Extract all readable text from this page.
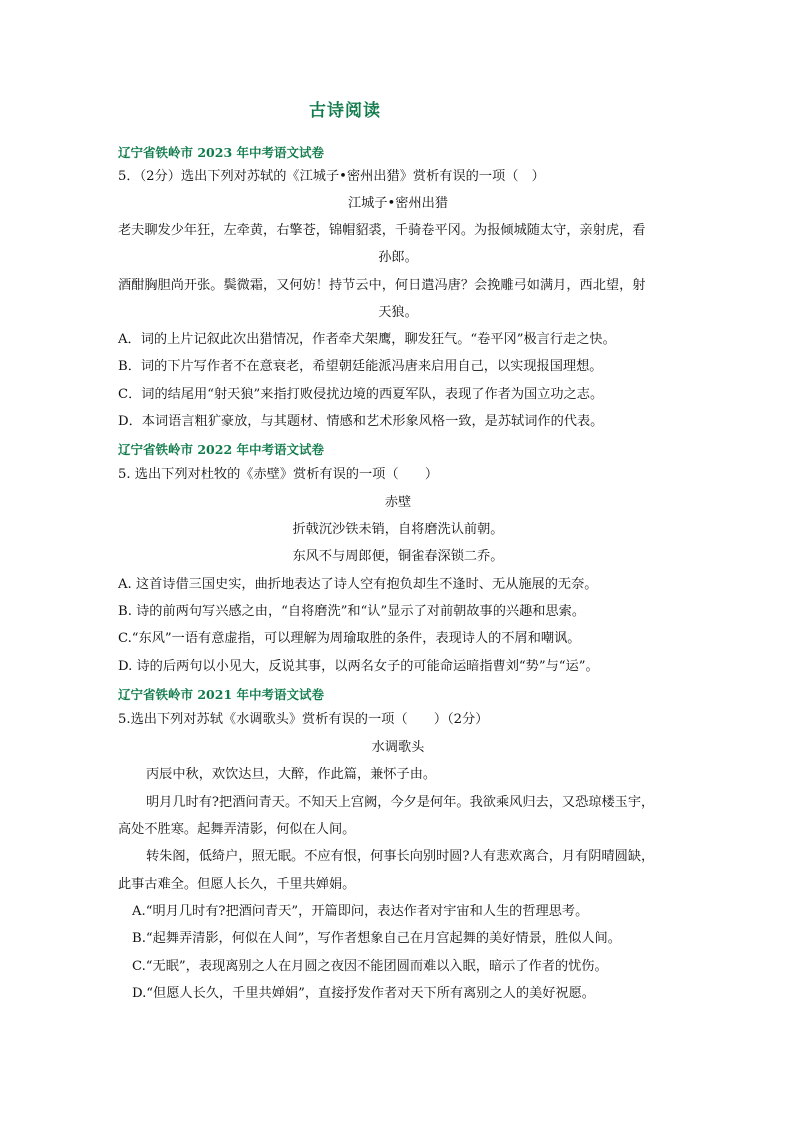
古诗阅读
辽宁省铁岭市 2023 年中考语文试卷
5．（2分）选出下列对苏轼的《江城子•密州出猎》赏析有误的一项（　）
江城子•密州出猎
老夫聊发少年狂，左牵黄，右擎苍，锦帽貂裘，千骑卷平冈。为报倾城随太守，亲射虎，看
孙郎。
酒酣胸胆尚开张。鬓微霜，又何妨！持节云中，何日遣冯唐？会挽雕弓如满月，西北望，射
天狼。
A．词的上片记叙此次出猎情况，作者牵犬架鹰，聊发狂气。“卷平冈”极言行走之快。
B．词的下片写作者不在意衰老，希望朝廷能派冯唐来启用自己，以实现报国理想。
C．词的结尾用“射天狼”来指打败侵扰边境的西夏军队，表现了作者为国立功之志。
D．本词语言粗犷豪放，与其题材、情感和艺术形象风格一致，是苏轼词作的代表。
辽宁省铁岭市 2022 年中考语文试卷
5. 选出下列对杜牧的《赤壁》赏析有误的一项（　　）
赤壁
折戟沉沙铁未销，自将磨洗认前朝。
东风不与周郎便，铜雀春深锁二乔。
A. 这首诗借三国史实，曲折地表达了诗人空有抱负却生不逢时、无从施展的无奈。
B. 诗的前两句写兴感之由，“自将磨洗”和“认”显示了对前朝故事的兴趣和思索。
C.“东风”一语有意虚指，可以理解为周瑜取胜的条件，表现诗人的不屑和嘲讽。
D. 诗的后两句以小见大，反说其事，以两名女子的可能命运暗指曹刘“势”与“运”。
辽宁省铁岭市 2021 年中考语文试卷
5.选出下列对苏轼《水调歌头》赏析有误的一项（　　）（2分）
水调歌头
丙辰中秋，欢饮达旦，大醉，作此篇，兼怀子由。
明月几时有?把酒问青天。不知天上宫阙，今夕是何年。我欲乘风归去，又恐琼楼玉宇，
高处不胜寒。起舞弄清影，何似在人间。
转朱阁，低绮户，照无眠。不应有恨，何事长向别时圆?人有悲欢离合，月有阴晴圆缺，
此事古难全。但愿人长久，千里共婵娟。
A.“明月几时有?把酒问青天”，开篇即问，表达作者对宇宙和人生的哲理思考。
B.“起舞弄清影，何似在人间”，写作者想象自己在月宫起舞的美好情景，胜似人间。
C.“无眠”，表现离别之人在月圆之夜因不能团圆而难以入眠，暗示了作者的忧伤。
D.“但愿人长久，千里共婵娟”，直接抒发作者对天下所有离别之人的美好祝愿。
